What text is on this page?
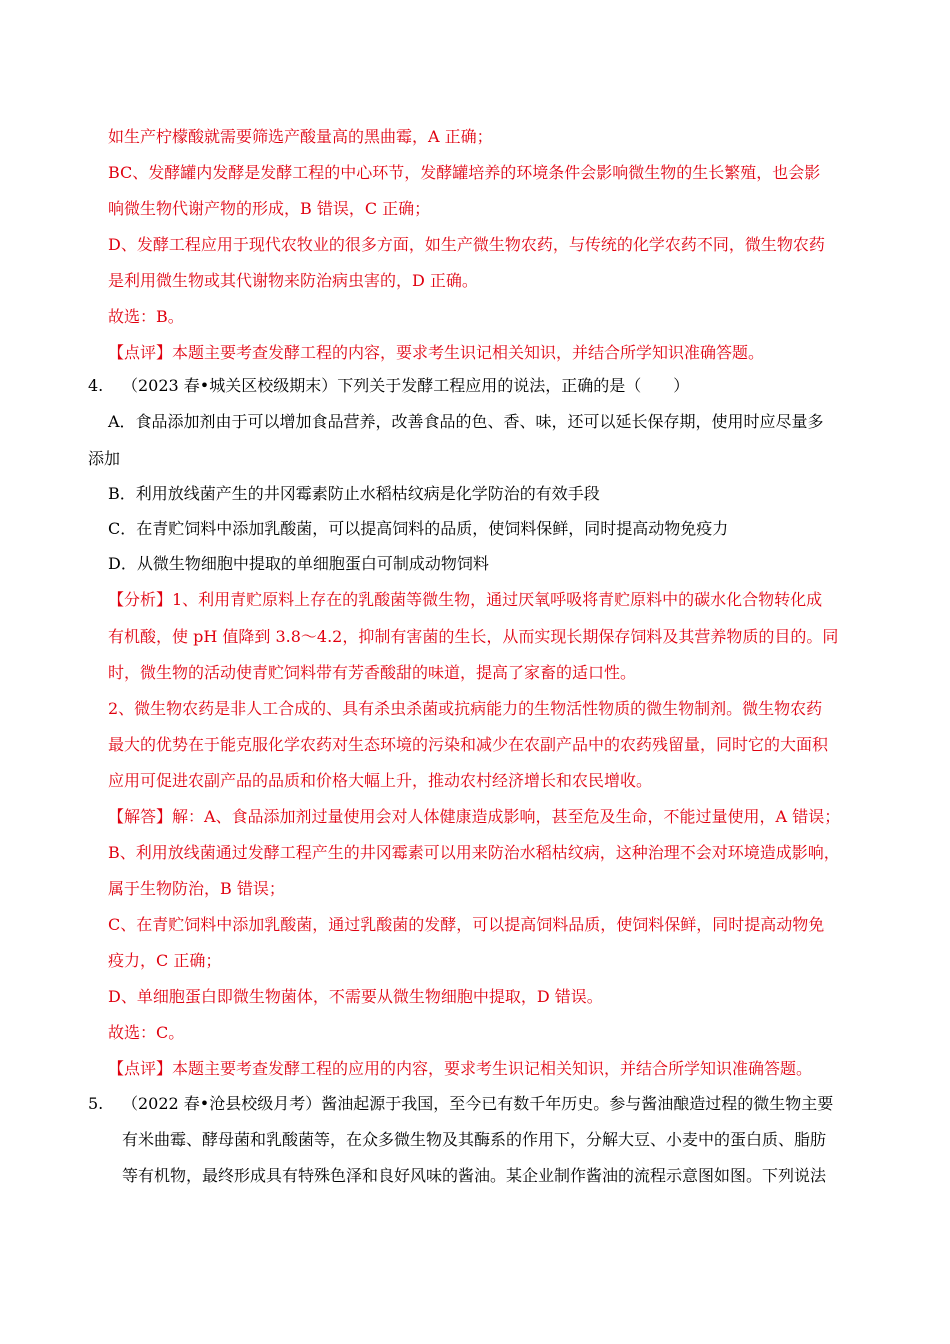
如生产柠檬酸就需要筛选产酸量高的黑曲霉，A 正确；
BC、发酵罐内发酵是发酵工程的中心环节，发酵罐培养的环境条件会影响微生物的生长繁殖，也会影
响微生物代谢产物的形成，B 错误，C 正确；
D、发酵工程应用于现代农牧业的很多方面，如生产微生物农药，与传统的化学农药不同，微生物农药
是利用微生物或其代谢物来防治病虫害的，D 正确。
故选：B。
【点评】本题主要考查发酵工程的内容，要求考生识记相关知识，并结合所学知识准确答题。
4. （2023 春•城关区校级期末）下列关于发酵工程应用的说法，正确的是（　　）
A．食品添加剂由于可以增加食品营养，改善食品的色、香、味，还可以延长保存期，使用时应尽量多
添加
B．利用放线菌产生的井冈霉素防止水稻枯纹病是化学防治的有效手段
C．在青贮饲料中添加乳酸菌，可以提高饲料的品质，使饲料保鲜，同时提高动物免疫力
D．从微生物细胞中提取的单细胞蛋白可制成动物饲料
【分析】1、利用青贮原料上存在的乳酸菌等微生物，通过厌氧呼吸将青贮原料中的碳水化合物转化成
有机酸，使 pH 值降到 3.8～4.2，抑制有害菌的生长，从而实现长期保存饲料及其营养物质的目的。同
时，微生物的活动使青贮饲料带有芳香酸甜的味道，提高了家畜的适口性。
2、微生物农药是非人工合成的、具有杀虫杀菌或抗病能力的生物活性物质的微生物制剂。微生物农药
最大的优势在于能克服化学农药对生态环境的污染和减少在农副产品中的农药残留量，同时它的大面积
应用可促进农副产品的品质和价格大幅上升，推动农村经济增长和农民增收。
【解答】解：A、食品添加剂过量使用会对人体健康造成影响，甚至危及生命，不能过量使用，A 错误；
B、利用放线菌通过发酵工程产生的井冈霉素可以用来防治水稻枯纹病，这种治理不会对环境造成影响，
属于生物防治，B 错误；
C、在青贮饲料中添加乳酸菌，通过乳酸菌的发酵，可以提高饲料品质，使饲料保鲜，同时提高动物免
疫力，C 正确；
D、单细胞蛋白即微生物菌体，不需要从微生物细胞中提取，D 错误。
故选：C。
【点评】本题主要考查发酵工程的应用的内容，要求考生识记相关知识，并结合所学知识准确答题。
5. （2022 春•沧县校级月考）酱油起源于我国，至今已有数千年历史。参与酱油酿造过程的微生物主要
有米曲霉、酵母菌和乳酸菌等，在众多微生物及其酶系的作用下，分解大豆、小麦中的蛋白质、脂肪
等有机物，最终形成具有特殊色泽和良好风味的酱油。某企业制作酱油的流程示意图如图。下列说法
